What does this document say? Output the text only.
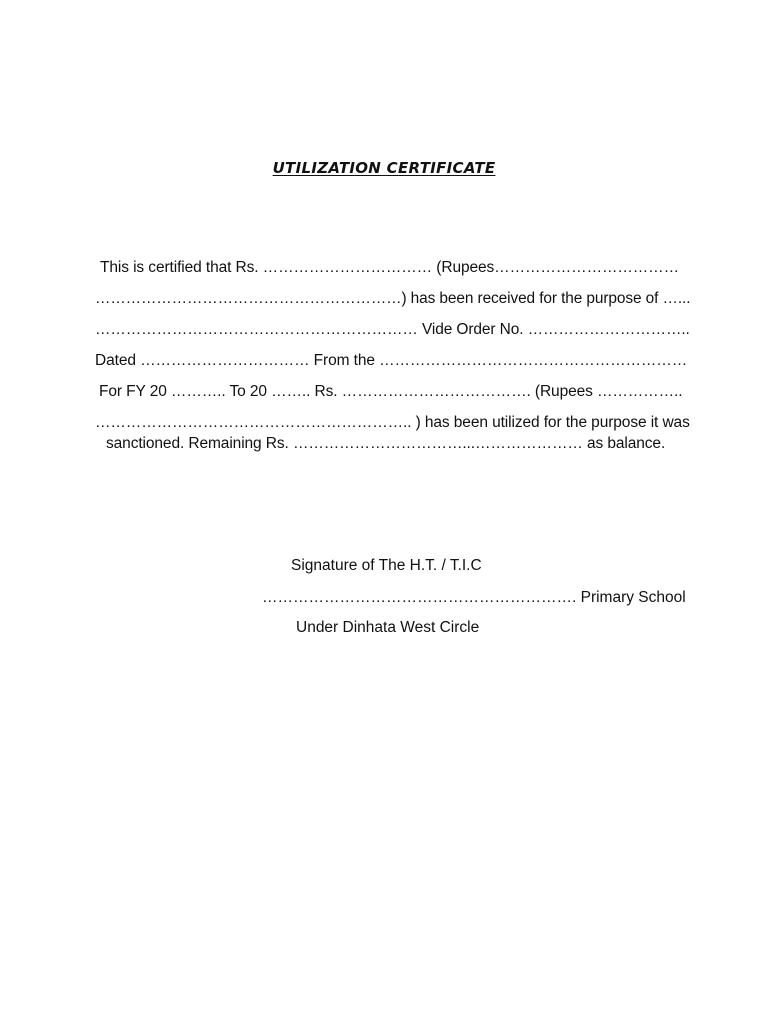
UTILIZATION CERTIFICATE
This is certified that Rs. …………………………… (Rupees………………………………
……………………………………………………) has been received for the purpose of …...
……………………………………………………… Vide Order No. …………………………..
Dated …………………………… From the ……………………………………………………
For FY 20 ……….. To 20 …….. Rs. ………………………………. (Rupees ……………..
…………………………………………………….. ) has been utilized for the purpose it was
sanctioned. Remaining Rs. ……………………………...………………… as balance.
Signature of The H.T. / T.I.C
……………………………………………………. Primary School
Under Dinhata West Circle
